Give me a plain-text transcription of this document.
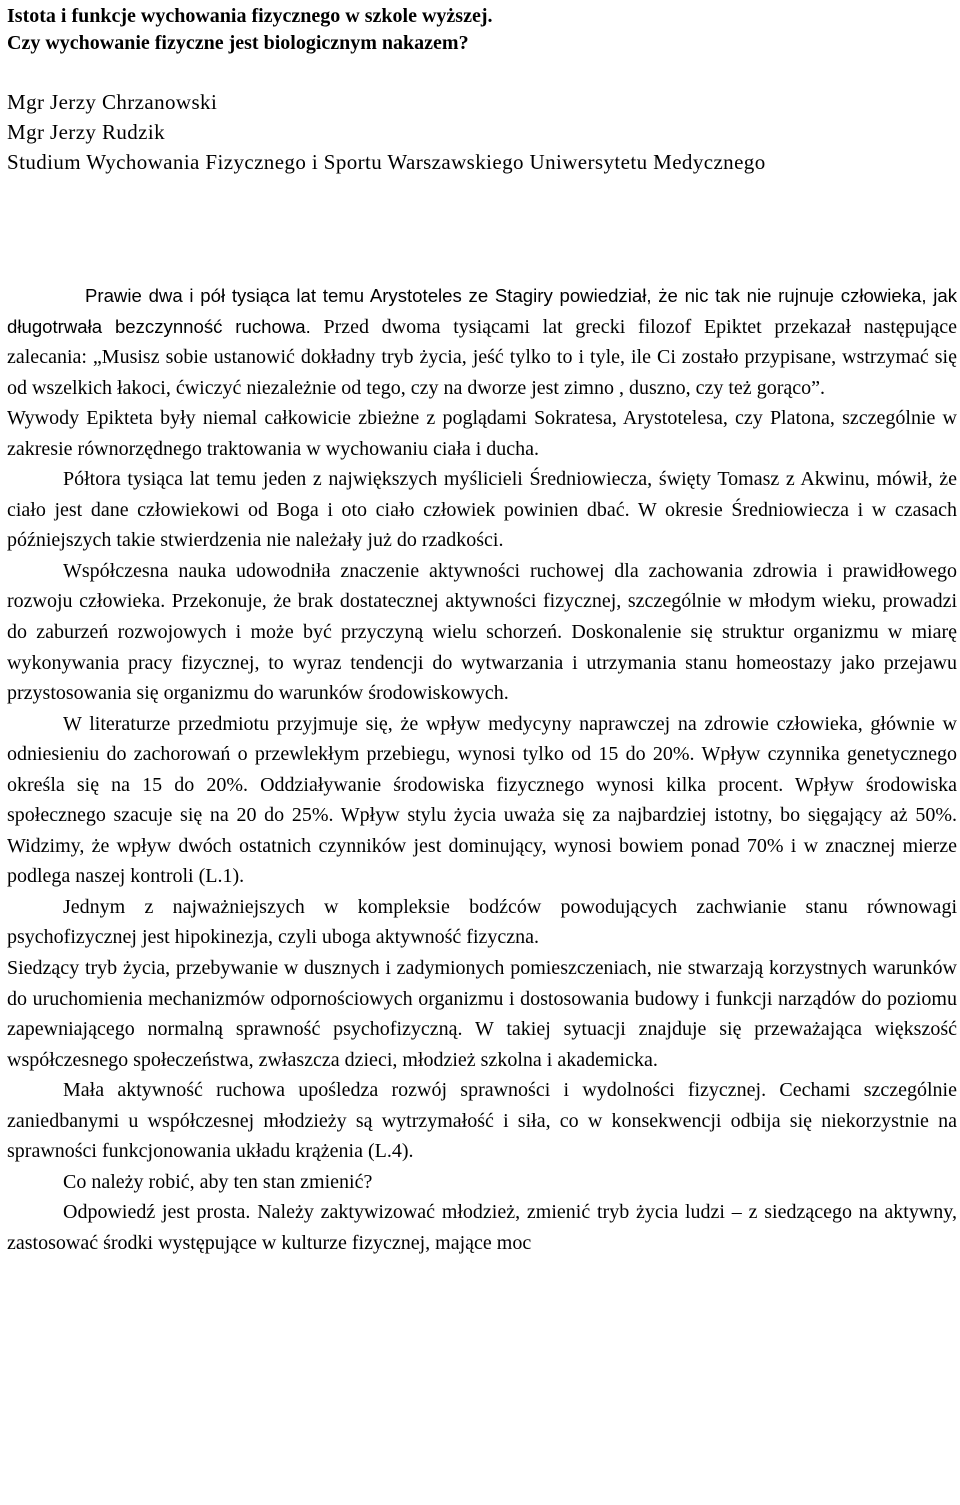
Istota i funkcje wychowania fizycznego w szkole wyższej.
Czy wychowanie fizyczne jest biologicznym nakazem?
Mgr Jerzy Chrzanowski
Mgr Jerzy Rudzik
Studium Wychowania Fizycznego i Sportu Warszawskiego Uniwersytetu Medycznego

Prawie dwa i pół tysiąca lat temu Arystoteles ze Stagiry powiedział, że nic tak nie rujnuje człowieka, jak długotrwała bezczynność ruchowa. Przed dwoma tysiącami lat grecki filozof Epiktet przekazał następujące zalecania: „Musisz sobie ustanowić dokładny tryb życia, jeść tylko to i tyle, ile Ci zostało przypisane, wstrzymać się od wszelkich łakoci, ćwiczyć niezależnie od tego, czy na dworze jest zimno , duszno, czy też gorąco”.

Wywody Epikteta były niemal całkowicie zbieżne z poglądami Sokratesa, Arystotelesa, czy Platona, szczególnie w zakresie równorzędnego traktowania w wychowaniu ciała i ducha.

Półtora tysiąca lat temu jeden z największych myślicieli Średniowiecza, święty Tomasz z Akwinu, mówił, że ciało jest dane człowiekowi od Boga i oto ciało człowiek powinien dbać. W okresie Średniowiecza i w czasach późniejszych takie stwierdzenia nie należały już do rzadkości.

Współczesna nauka udowodniła znaczenie aktywności ruchowej dla zachowania zdrowia i prawidłowego rozwoju człowieka. Przekonuje, że brak dostatecznej aktywności fizycznej, szczególnie w młodym wieku, prowadzi do zaburzeń rozwojowych i może być przyczyną wielu schorzeń. Doskonalenie się struktur organizmu w miarę wykonywania pracy fizycznej, to wyraz tendencji do wytwarzania i utrzymania stanu homeostazy jako przejawu przystosowania się organizmu do warunków środowiskowych.

W literaturze przedmiotu przyjmuje się, że wpływ medycyny naprawczej na zdrowie człowieka, głównie w odniesieniu do zachorowań o przewlekłym przebiegu, wynosi tylko od 15 do 20%. Wpływ czynnika genetycznego określa się na 15 do 20%. Oddziaływanie środowiska fizycznego wynosi kilka procent. Wpływ środowiska społecznego szacuje się na 20 do 25%. Wpływ stylu życia uważa się za najbardziej istotny, bo sięgający aż 50%. Widzimy, że wpływ dwóch ostatnich czynników jest dominujący, wynosi bowiem ponad 70% i w znacznej mierze podlega naszej kontroli (L.1).

Jednym z najważniejszych w kompleksie bodźców powodujących zachwianie stanu równowagi psychofizycznej jest hipokinezja, czyli uboga aktywność fizyczna.

Siedzący tryb życia, przebywanie w dusznych i zadymionych pomieszczeniach, nie stwarzają korzystnych warunków do uruchomienia mechanizmów odpornościowych organizmu i dostosowania budowy i funkcji narządów do poziomu zapewniającego normalną sprawność psychofizyczną. W takiej sytuacji znajduje się przeważająca większość współczesnego społeczeństwa, zwłaszcza dzieci, młodzież szkolna i akademicka.

Mała aktywność ruchowa upośledza rozwój sprawności i wydolności fizycznej. Cechami szczególnie zaniedbanymi u współczesnej młodzieży są wytrzymałość i siła, co w konsekwencji odbija się niekorzystnie na sprawności funkcjonowania układu krążenia (L.4).

Co należy robić, aby ten stan zmienić?

Odpowiedź jest prosta. Należy zaktywizować młodzież, zmienić tryb życia ludzi – z siedzącego na aktywny, zastosować środki występujące w kulturze fizycznej, mające moc
